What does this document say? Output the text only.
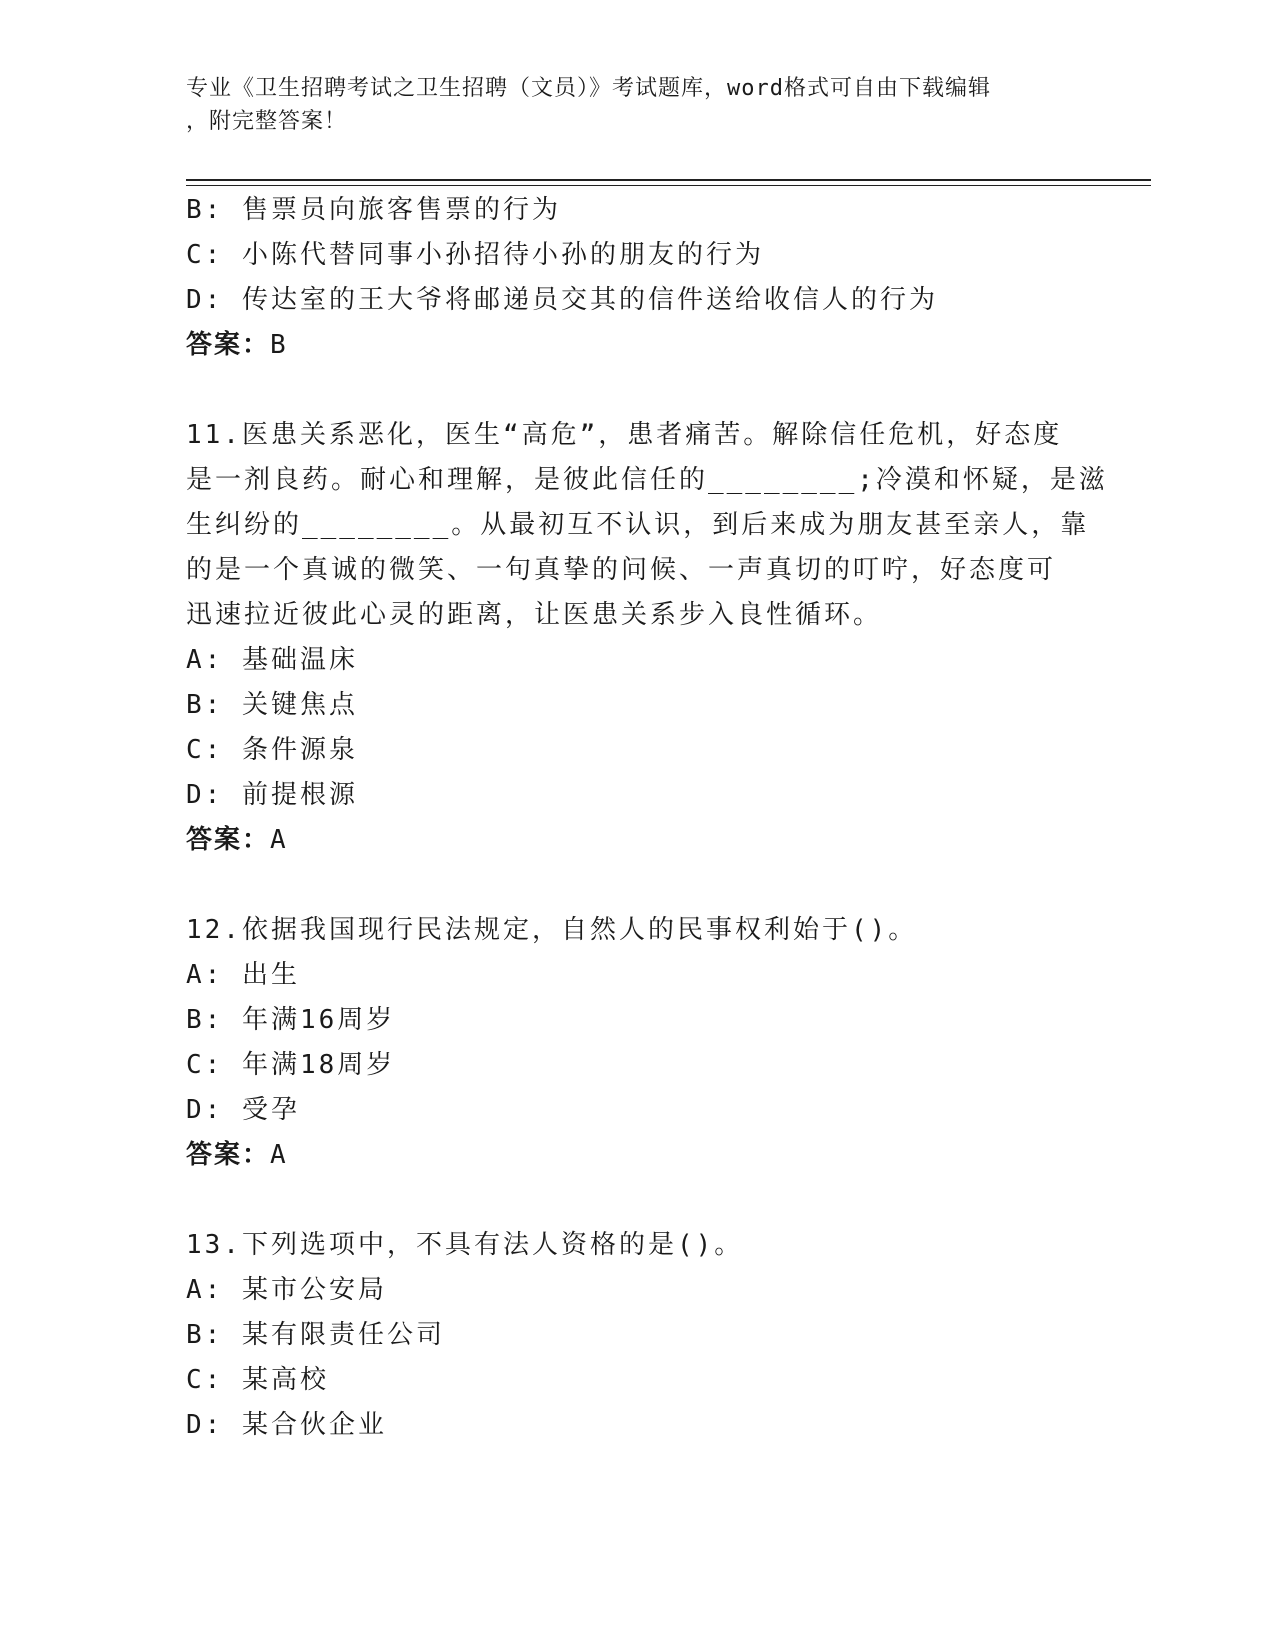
专业《卫生招聘考试之卫生招聘（文员）》考试题库，word格式可自由下载编辑
，附完整答案！
B: 售票员向旅客售票的行为
C: 小陈代替同事小孙招待小孙的朋友的行为
D: 传达室的王大爷将邮递员交其的信件送给收信人的行为
答案：B
11.医患关系恶化，医生“高危”，患者痛苦。解除信任危机，好态度
是一剂良药。耐心和理解，是彼此信任的________;冷漠和怀疑，是滋
生纠纷的________。从最初互不认识，到后来成为朋友甚至亲人，靠
的是一个真诚的微笑、一句真挚的问候、一声真切的叮咛，好态度可
迅速拉近彼此心灵的距离，让医患关系步入良性循环。
A: 基础温床
B: 关键焦点
C: 条件源泉
D: 前提根源
答案：A
12.依据我国现行民法规定，自然人的民事权利始于()。
A: 出生
B: 年满16周岁
C: 年满18周岁
D: 受孕
答案：A
13.下列选项中，不具有法人资格的是()。
A: 某市公安局
B: 某有限责任公司
C: 某高校
D: 某合伙企业
